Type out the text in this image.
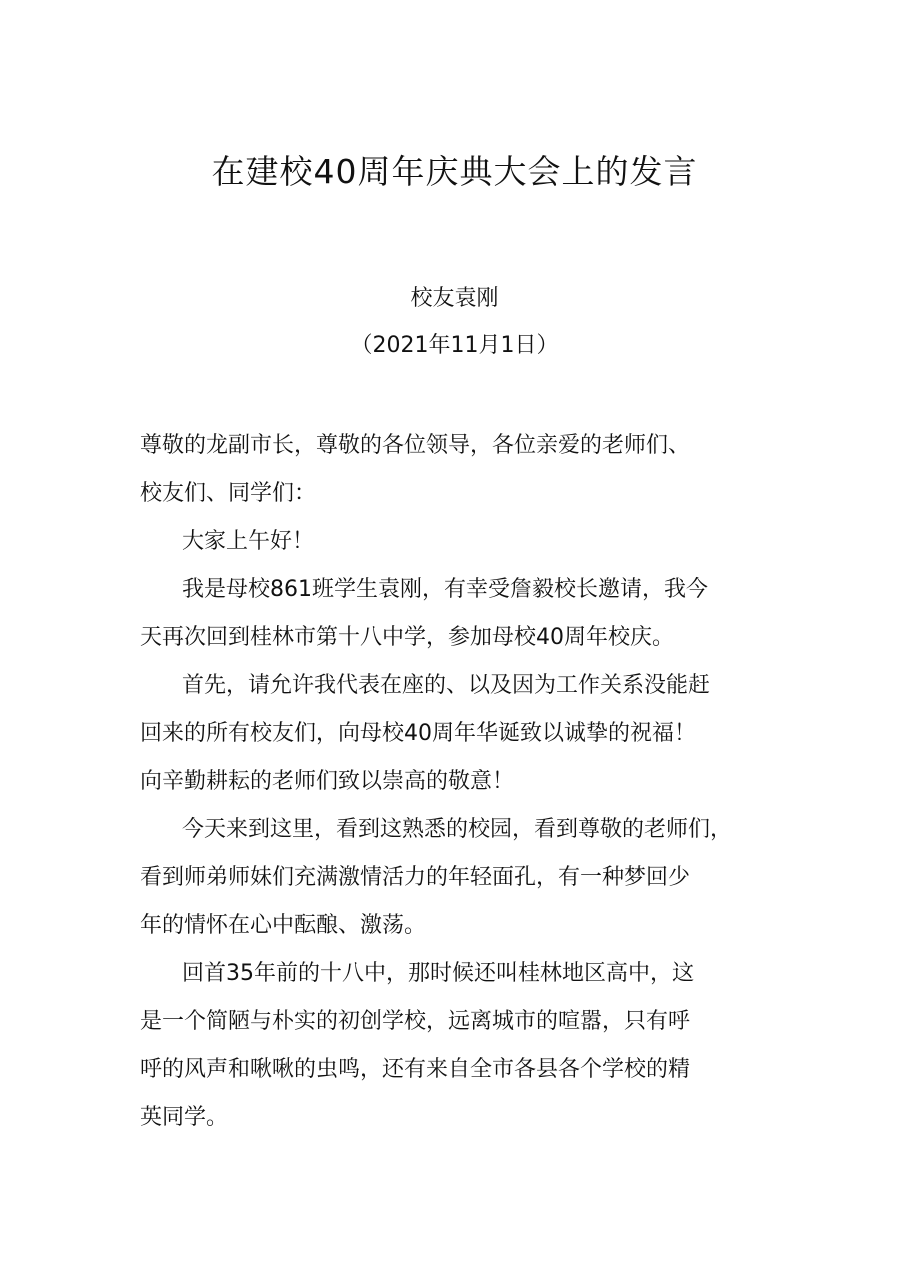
在建校40周年庆典大会上的发言
校友袁刚
（2021年11月1日）

尊敬的龙副市长，尊敬的各位领导，各位亲爱的老师们、
校友们、同学们：

大家上午好！

我是母校861班学生袁刚，有幸受詹毅校长邀请，我今
天再次回到桂林市第十八中学，参加母校40周年校庆。

首先，请允许我代表在座的、以及因为工作关系没能赶
回来的所有校友们，向母校40周年华诞致以诚挚的祝福！
向辛勤耕耘的老师们致以崇高的敬意！

今天来到这里，看到这熟悉的校园，看到尊敬的老师们，
看到师弟师妹们充满激情活力的年轻面孔，有一种梦回少
年的情怀在心中酝酿、激荡。

回首35年前的十八中，那时候还叫桂林地区高中，这
是一个简陋与朴实的初创学校，远离城市的喧嚣，只有呼
呼的风声和啾啾的虫鸣，还有来自全市各县各个学校的精
英同学。
